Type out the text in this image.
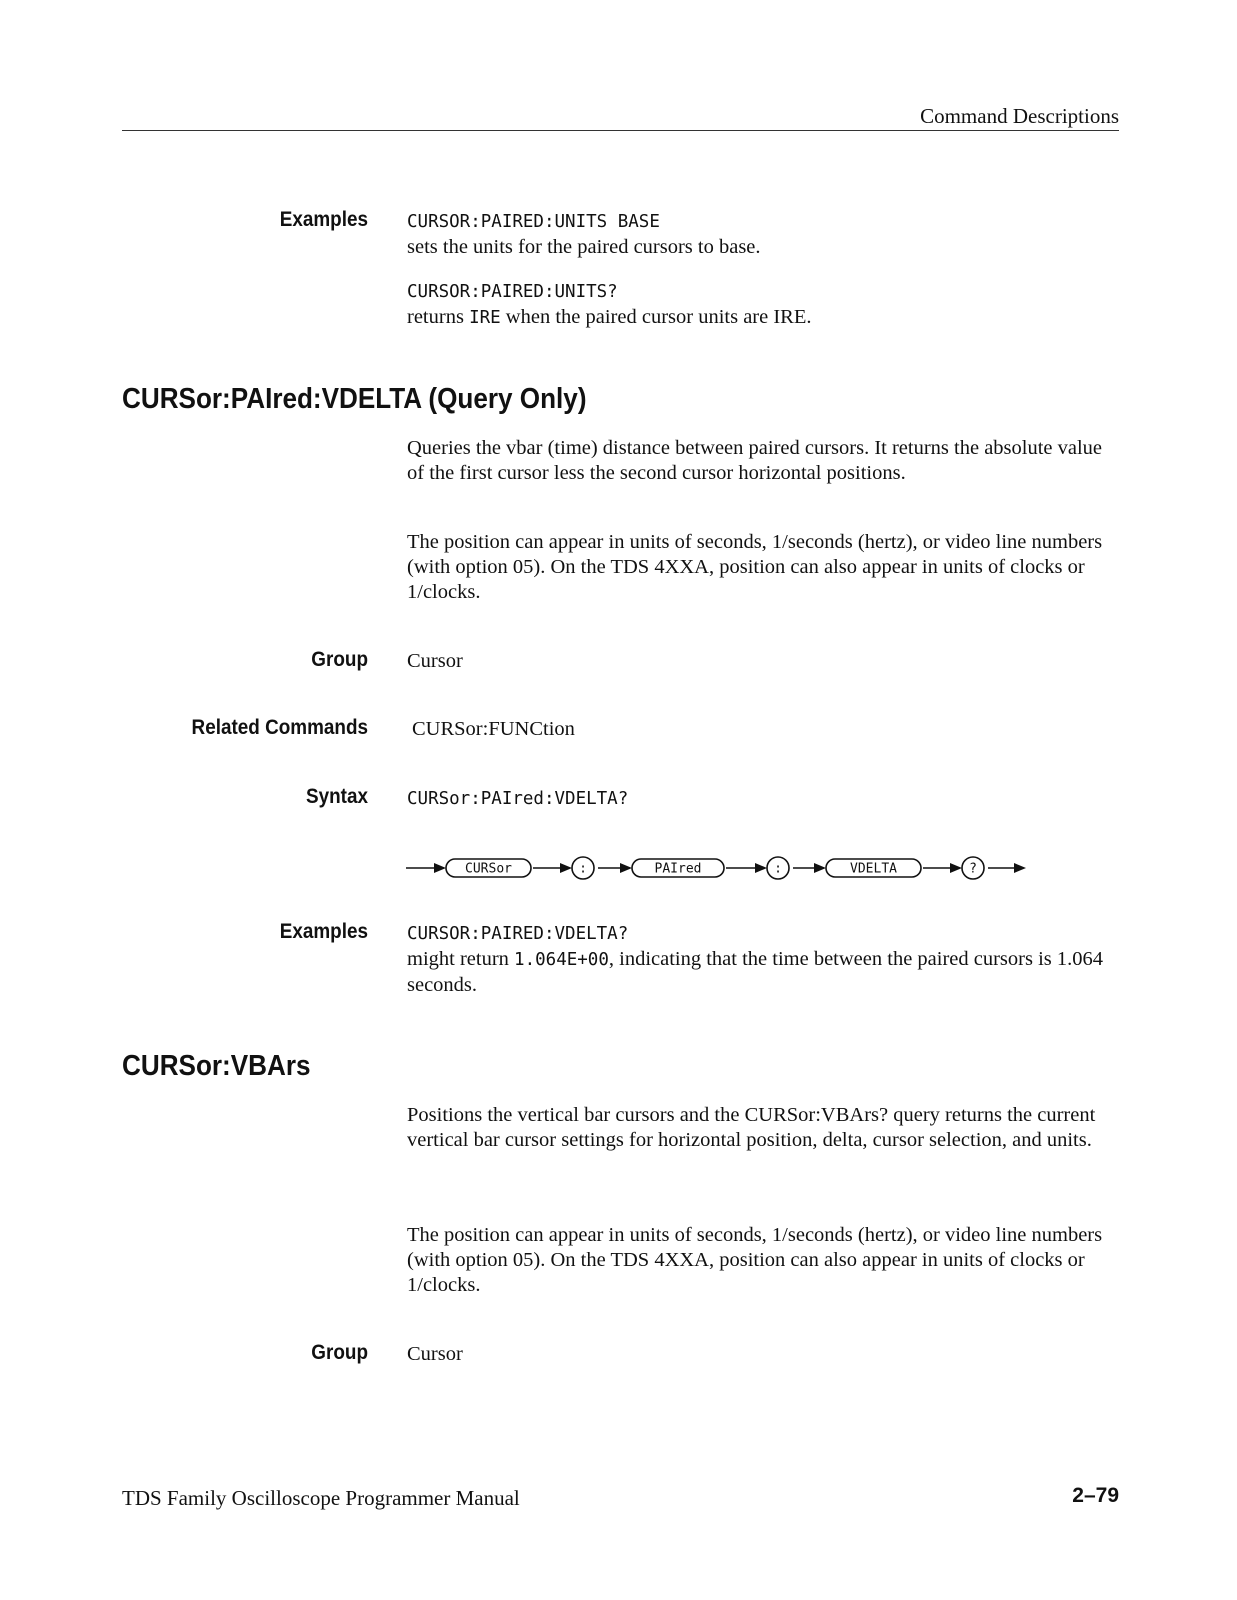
Command Descriptions
Examples CURSOR:PAIRED:UNITS BASE
sets the units for the paired cursors to base.
CURSOR:PAIRED:UNITS?
returns IRE when the paired cursor units are IRE.
CURSor:PAIred:VDELTA (Query Only)
Queries the vbar (time) distance between paired cursors. It returns the absolute value of the first cursor less the second cursor horizontal positions.
The position can appear in units of seconds, 1/seconds (hertz), or video line numbers (with option 05). On the TDS 4XXA, position can also appear in units of clocks or 1/clocks.
Group Cursor
Related Commands CURSor:FUNCtion
Syntax CURSor:PAIred:VDELTA?
CURSor	:	PAIred	:	VDELTA	?
Examples CURSOR:PAIRED:VDELTA?
might return 1.064E+00, indicating that the time between the paired cursors is 1.064 seconds.
CURSor:VBArs
Positions the vertical bar cursors and the CURSor:VBArs? query returns the current vertical bar cursor settings for horizontal position, delta, cursor selection, and units.
The position can appear in units of seconds, 1/seconds (hertz), or video line numbers (with option 05). On the TDS 4XXA, position can also appear in units of clocks or 1/clocks.
Group Cursor
TDS Family Oscilloscope Programmer Manual	2–79
